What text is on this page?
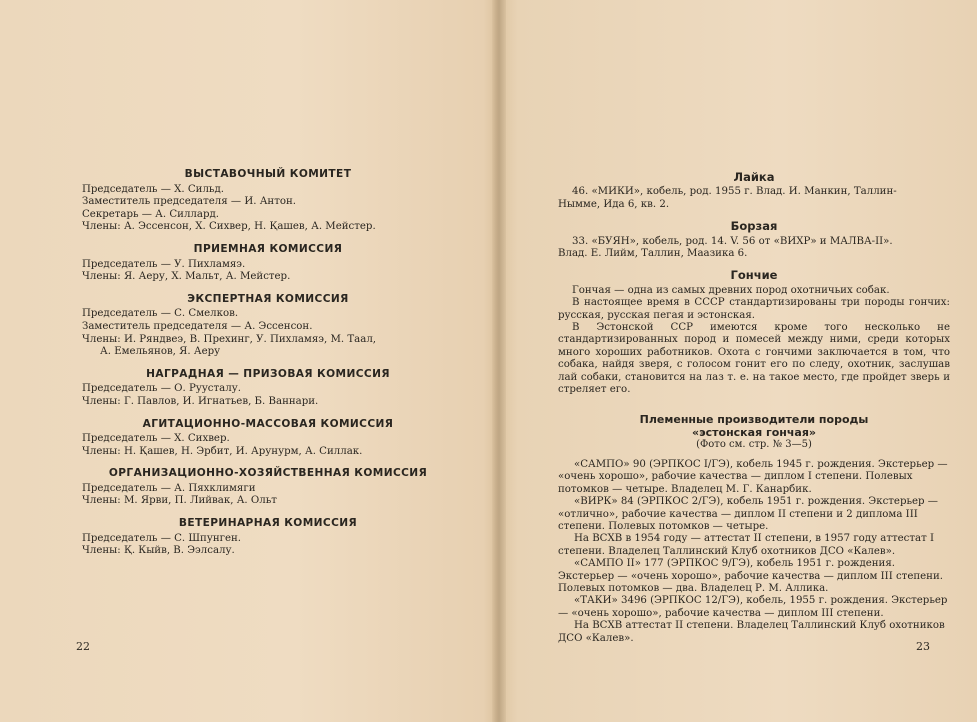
ВЫСТАВОЧНЫЙ КОМИТЕТ
Председатель — Х. Сильд.
Заместитель председателя — И. Антон.
Секретарь — А. Силлард.
Члены: А. Эссенсон, Х. Сихвер, Н. Қашев, А. Мейстер.
ПРИЕМНАЯ КОМИССИЯ
Председатель — У. Пихламяэ.
Члены: Я. Аеру, Х. Мальт, А. Мейстер.
ЭКСПЕРТНАЯ КОМИССИЯ
Председатель — С. Смелков.
Заместитель председателя — А. Эссенсон.
Члены: И. Ряндвеэ, В. Прехинг, У. Пихламяэ, М. Таал,
А. Емельянов, Я. Аеру
НАГРАДНАЯ — ПРИЗОВАЯ КОМИССИЯ
Председатель — О. Руусталу.
Члены: Г. Павлов, И. Игнатьев, Б. Ваннари.
АГИТАЦИОННО-МАССОВАЯ КОМИССИЯ
Председатель — Х. Сихвер.
Члены: Н. Қашев, Н. Эрбит, И. Арунурм, А. Силлак.
ОРГАНИЗАЦИОННО-ХОЗЯЙСТВЕННАЯ КОМИССИЯ
Председатель — А. Пяхклимяги
Члены: М. Ярви, П. Лийвак, А. Ольт
ВЕТЕРИНАРНАЯ КОМИССИЯ
Председатель — С. Шпунген.
Члены: Қ. Кыйв, В. Ээлсалу.
22
Лайка
46. «МИКИ», кобель, род. 1955 г. Влад. И. Манкин, Таллин-
Нымме, Ида 6, кв. 2.
Борзая
33. «БУЯН», кобель, род. 14. V. 56 от «ВИХР» и МАЛВА-II».
Влад. Е. Лийм, Таллин, Маазика 6.
Гончие

Гончая — одна из самых древних пород охотничьих собак.

В настоящее время в СССР стандартизированы три породы гончих: русская, русская пегая и эстонская.

В Эстонской ССР имеются кроме того несколько не стандартизированных пород и помесей между ними, среди которых много хороших работников. Охота с гончими заключается в том, что собака, найдя зверя, с голосом гонит его по следу, охотник, заслушав лай собаки, становится на лаз т. е. на такое место, где пройдет зверь и стреляет его.

Племенные производители породы
«эстонская гончая»
(Фото см. стр. № 3—5)

«САМПО» 90 (ЭРПКОС I/ГЭ), кобель 1945 г. рождения. Экстерьер — «очень хорошо», рабочие качества — диплом I степени. Полевых потомков — четыре. Владелец М. Г. Канарбик.

«ВИРК» 84 (ЭРПКОС 2/ГЭ), кобель 1951 г. рождения. Экстерьер — «отлично», рабочие качества — диплом II степени и 2 диплома III степени. Полевых потомков — четыре.

На ВСХВ в 1954 году — аттестат II степени, в 1957 году аттестат I степени. Владелец Таллинский Клуб охотников ДСО «Калев».

«САМПО II» 177 (ЭРПКОС 9/ГЭ), кобель 1951 г. рождения. Экстерьер — «очень хорошо», рабочие качества — диплом III степени. Полевых потомков — два. Владелец Р. М. Аллика.

«ТАКИ» 3496 (ЭРПКОС 12/ГЭ), кобель, 1955 г. рождения. Экстерьер — «очень хорошо», рабочие качества — диплом III степени.

На ВСХВ аттестат II степени. Владелец Таллинский Клуб охотников ДСО «Калев».

23
